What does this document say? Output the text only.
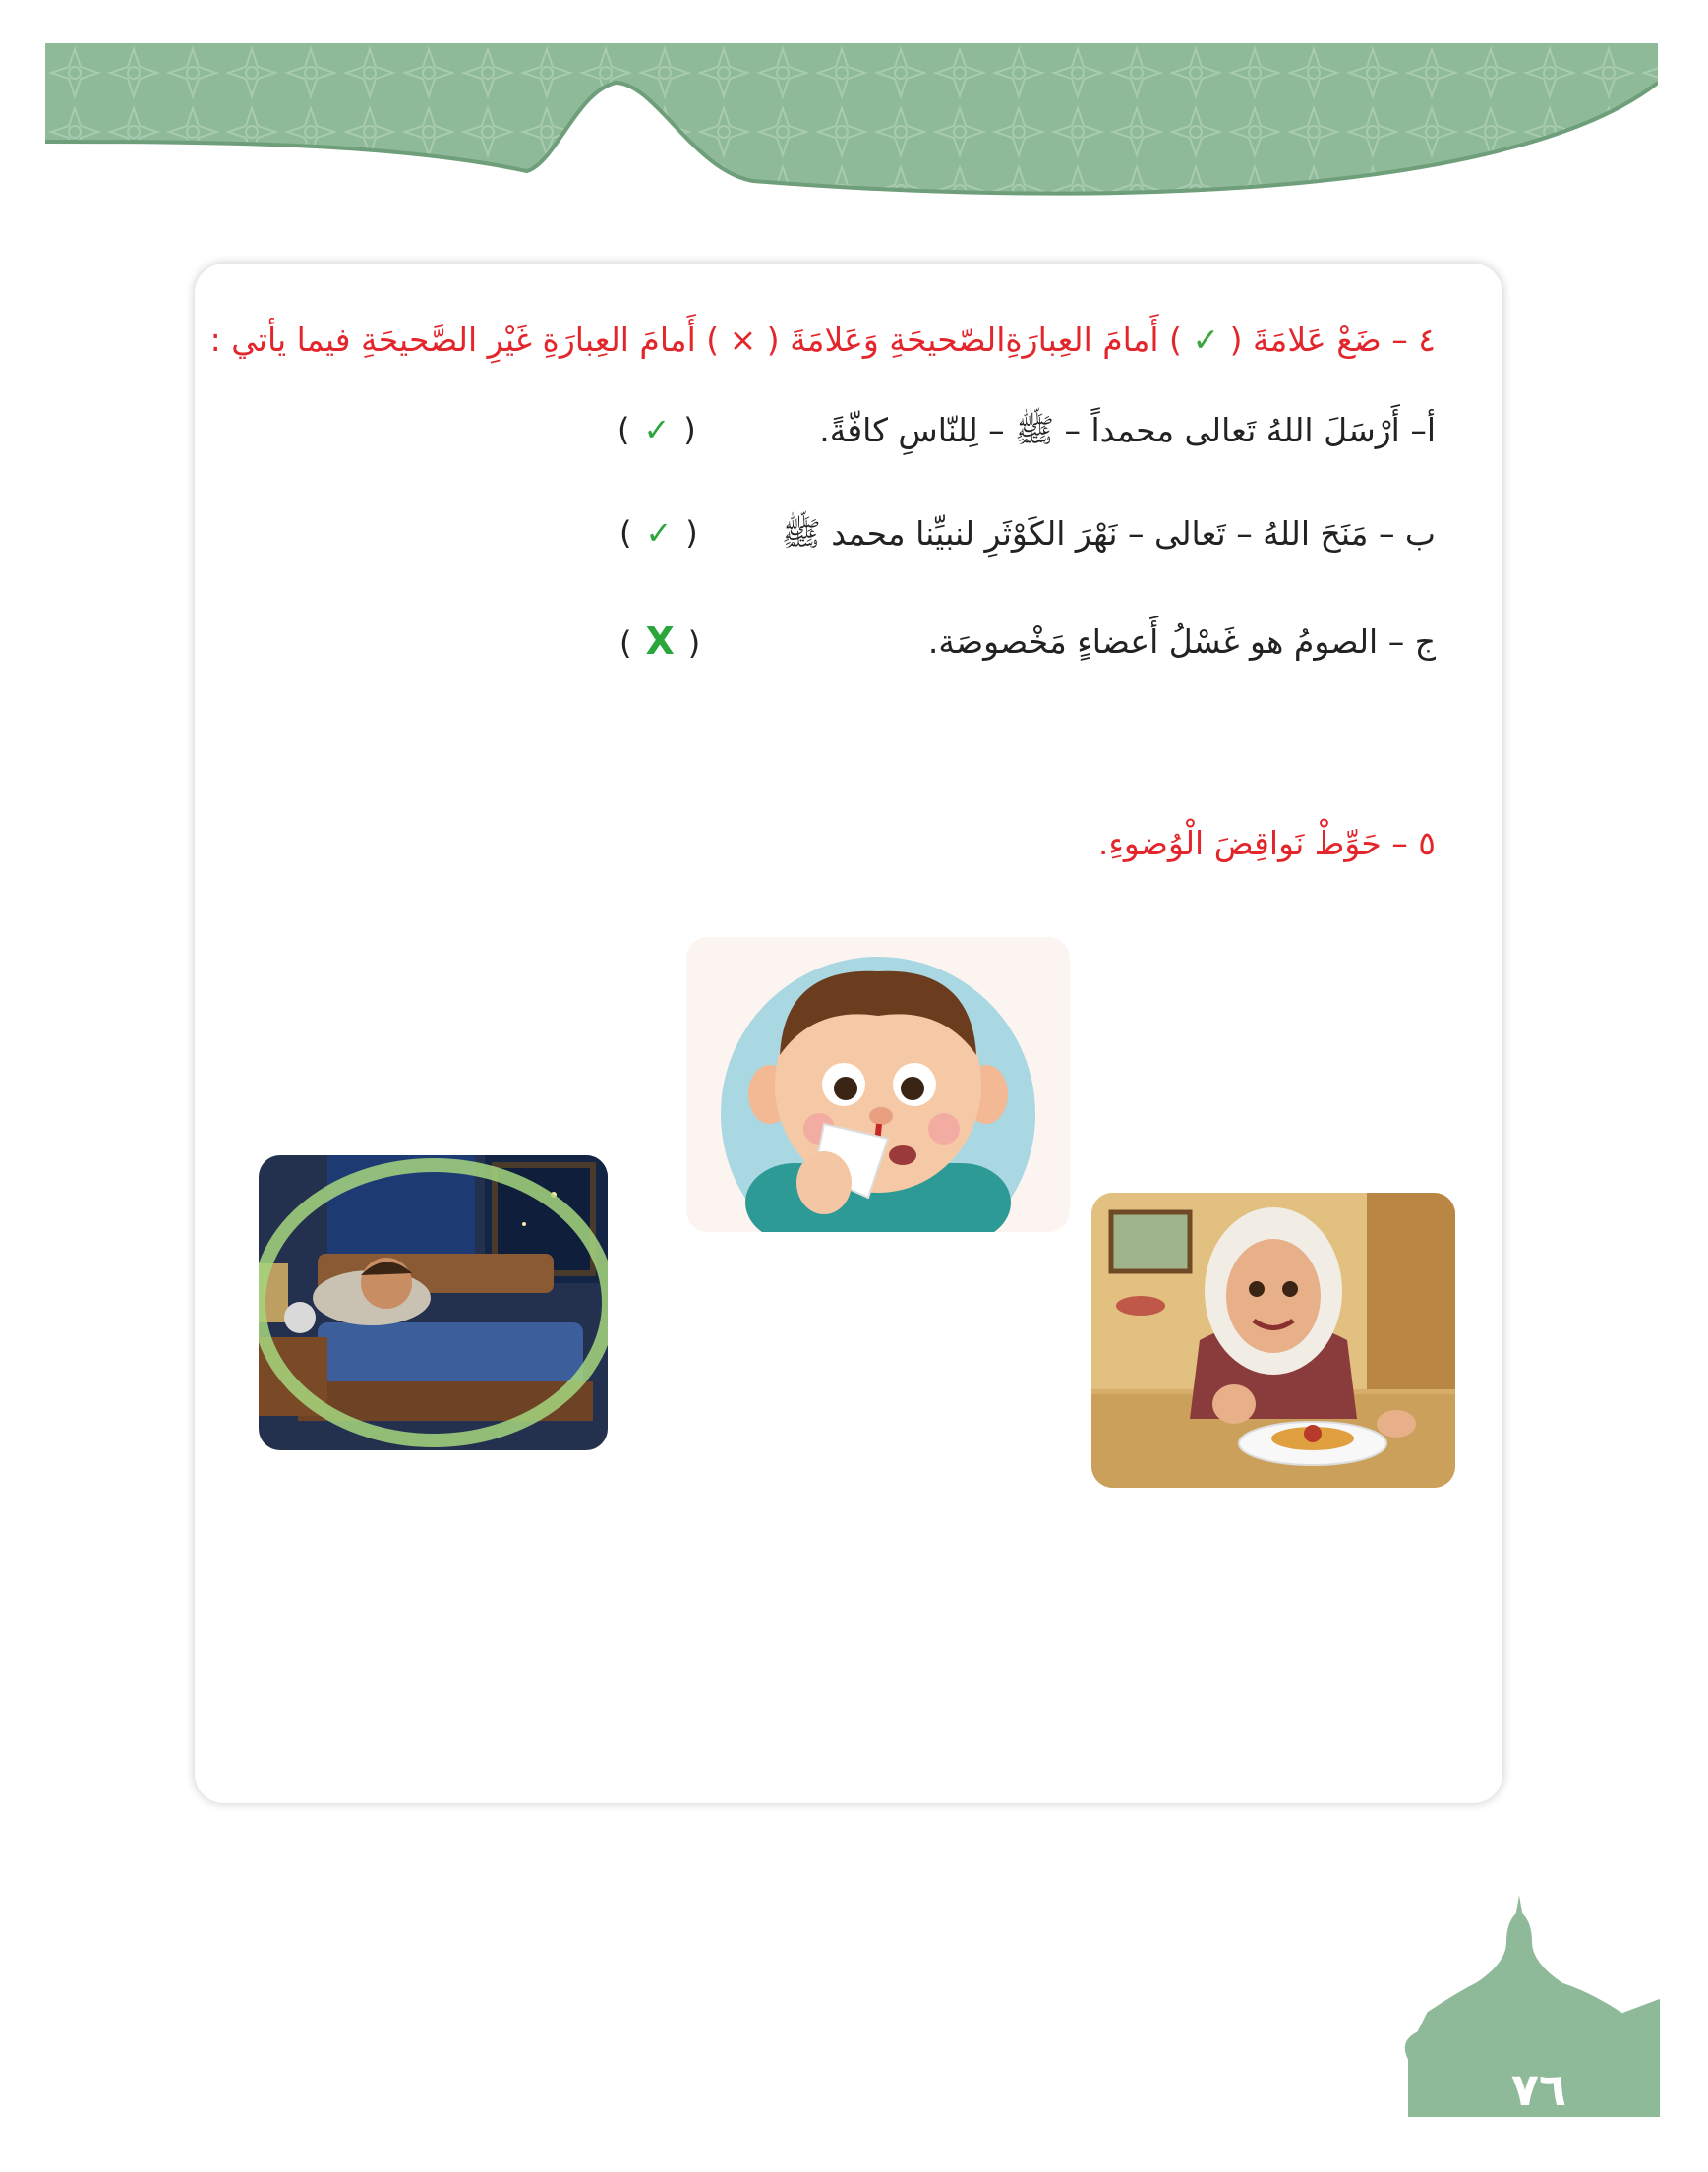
٤ – ضَعْ عَلامَةَ ( ✓ ) أَمامَ العِبارَةِالصّحيحَةِ وَعَلامَةَ ( × ) أَمامَ العِبارَةِ غَيْرِ الصَّحيحَةِ فيما يأتي :
أ– أَرْسَلَ اللهُ تَعالى محمداً – ﷺ – لِلنّاسِ كافّةً.
( ✓ )
ب – مَنَحَ اللهُ – تَعالى – نَهْرَ الكَوْثَرِ لنبيِّنا محمد ﷺ
( ✓ )
ج – الصومُ هو غَسْلُ أَعضاءٍ مَخْصوصَة.
( X )
٥ – حَوِّطْ نَواقِضَ الْوُضوءِ.
٧٦
